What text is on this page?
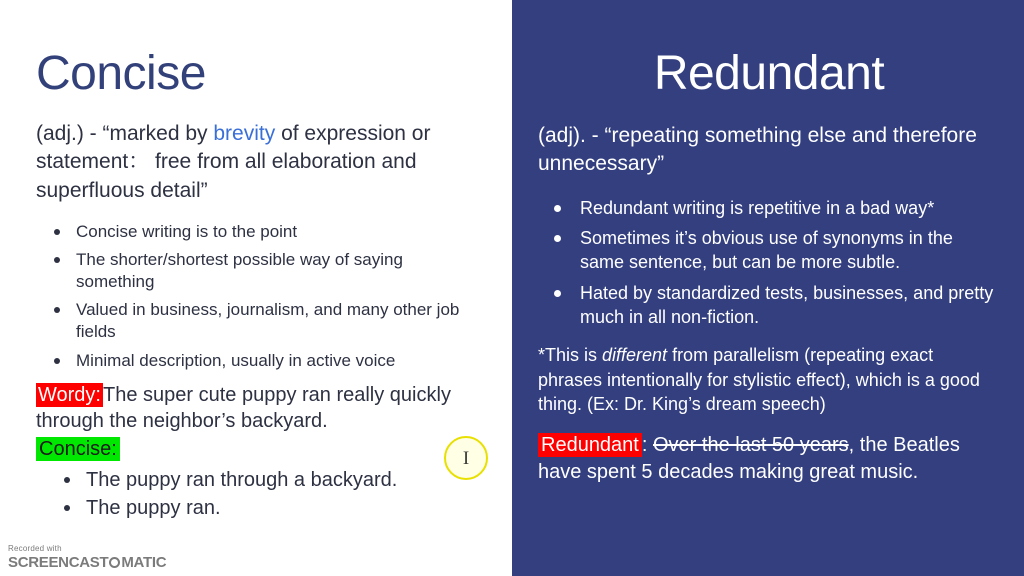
Concise
(adj.) - “marked by brevity of expression or statement： free from all elaboration and superfluous detail”
Concise writing is to the point
The shorter/shortest possible way of saying something
Valued in business, journalism, and many other job fields
Minimal description, usually in active voice
Wordy: The super cute puppy ran really quickly through the neighbor’s backyard.
Concise:
The puppy ran through a backyard.
The puppy ran.
I
Recorded with
SCREENCAST MATIC
Redundant
(adj). - “repeating something else and therefore unnecessary”
Redundant writing is repetitive in a bad way*
Sometimes it’s obvious use of synonyms in the same sentence, but can be more subtle.
Hated by standardized tests, businesses, and pretty much in all non-fiction.
*This is different from parallelism (repeating exact phrases intentionally for stylistic effect), which is a good thing. (Ex: Dr. King’s dream speech)
Redundant : Over the last 50 years, the Beatles have spent 5 decades making great music.
